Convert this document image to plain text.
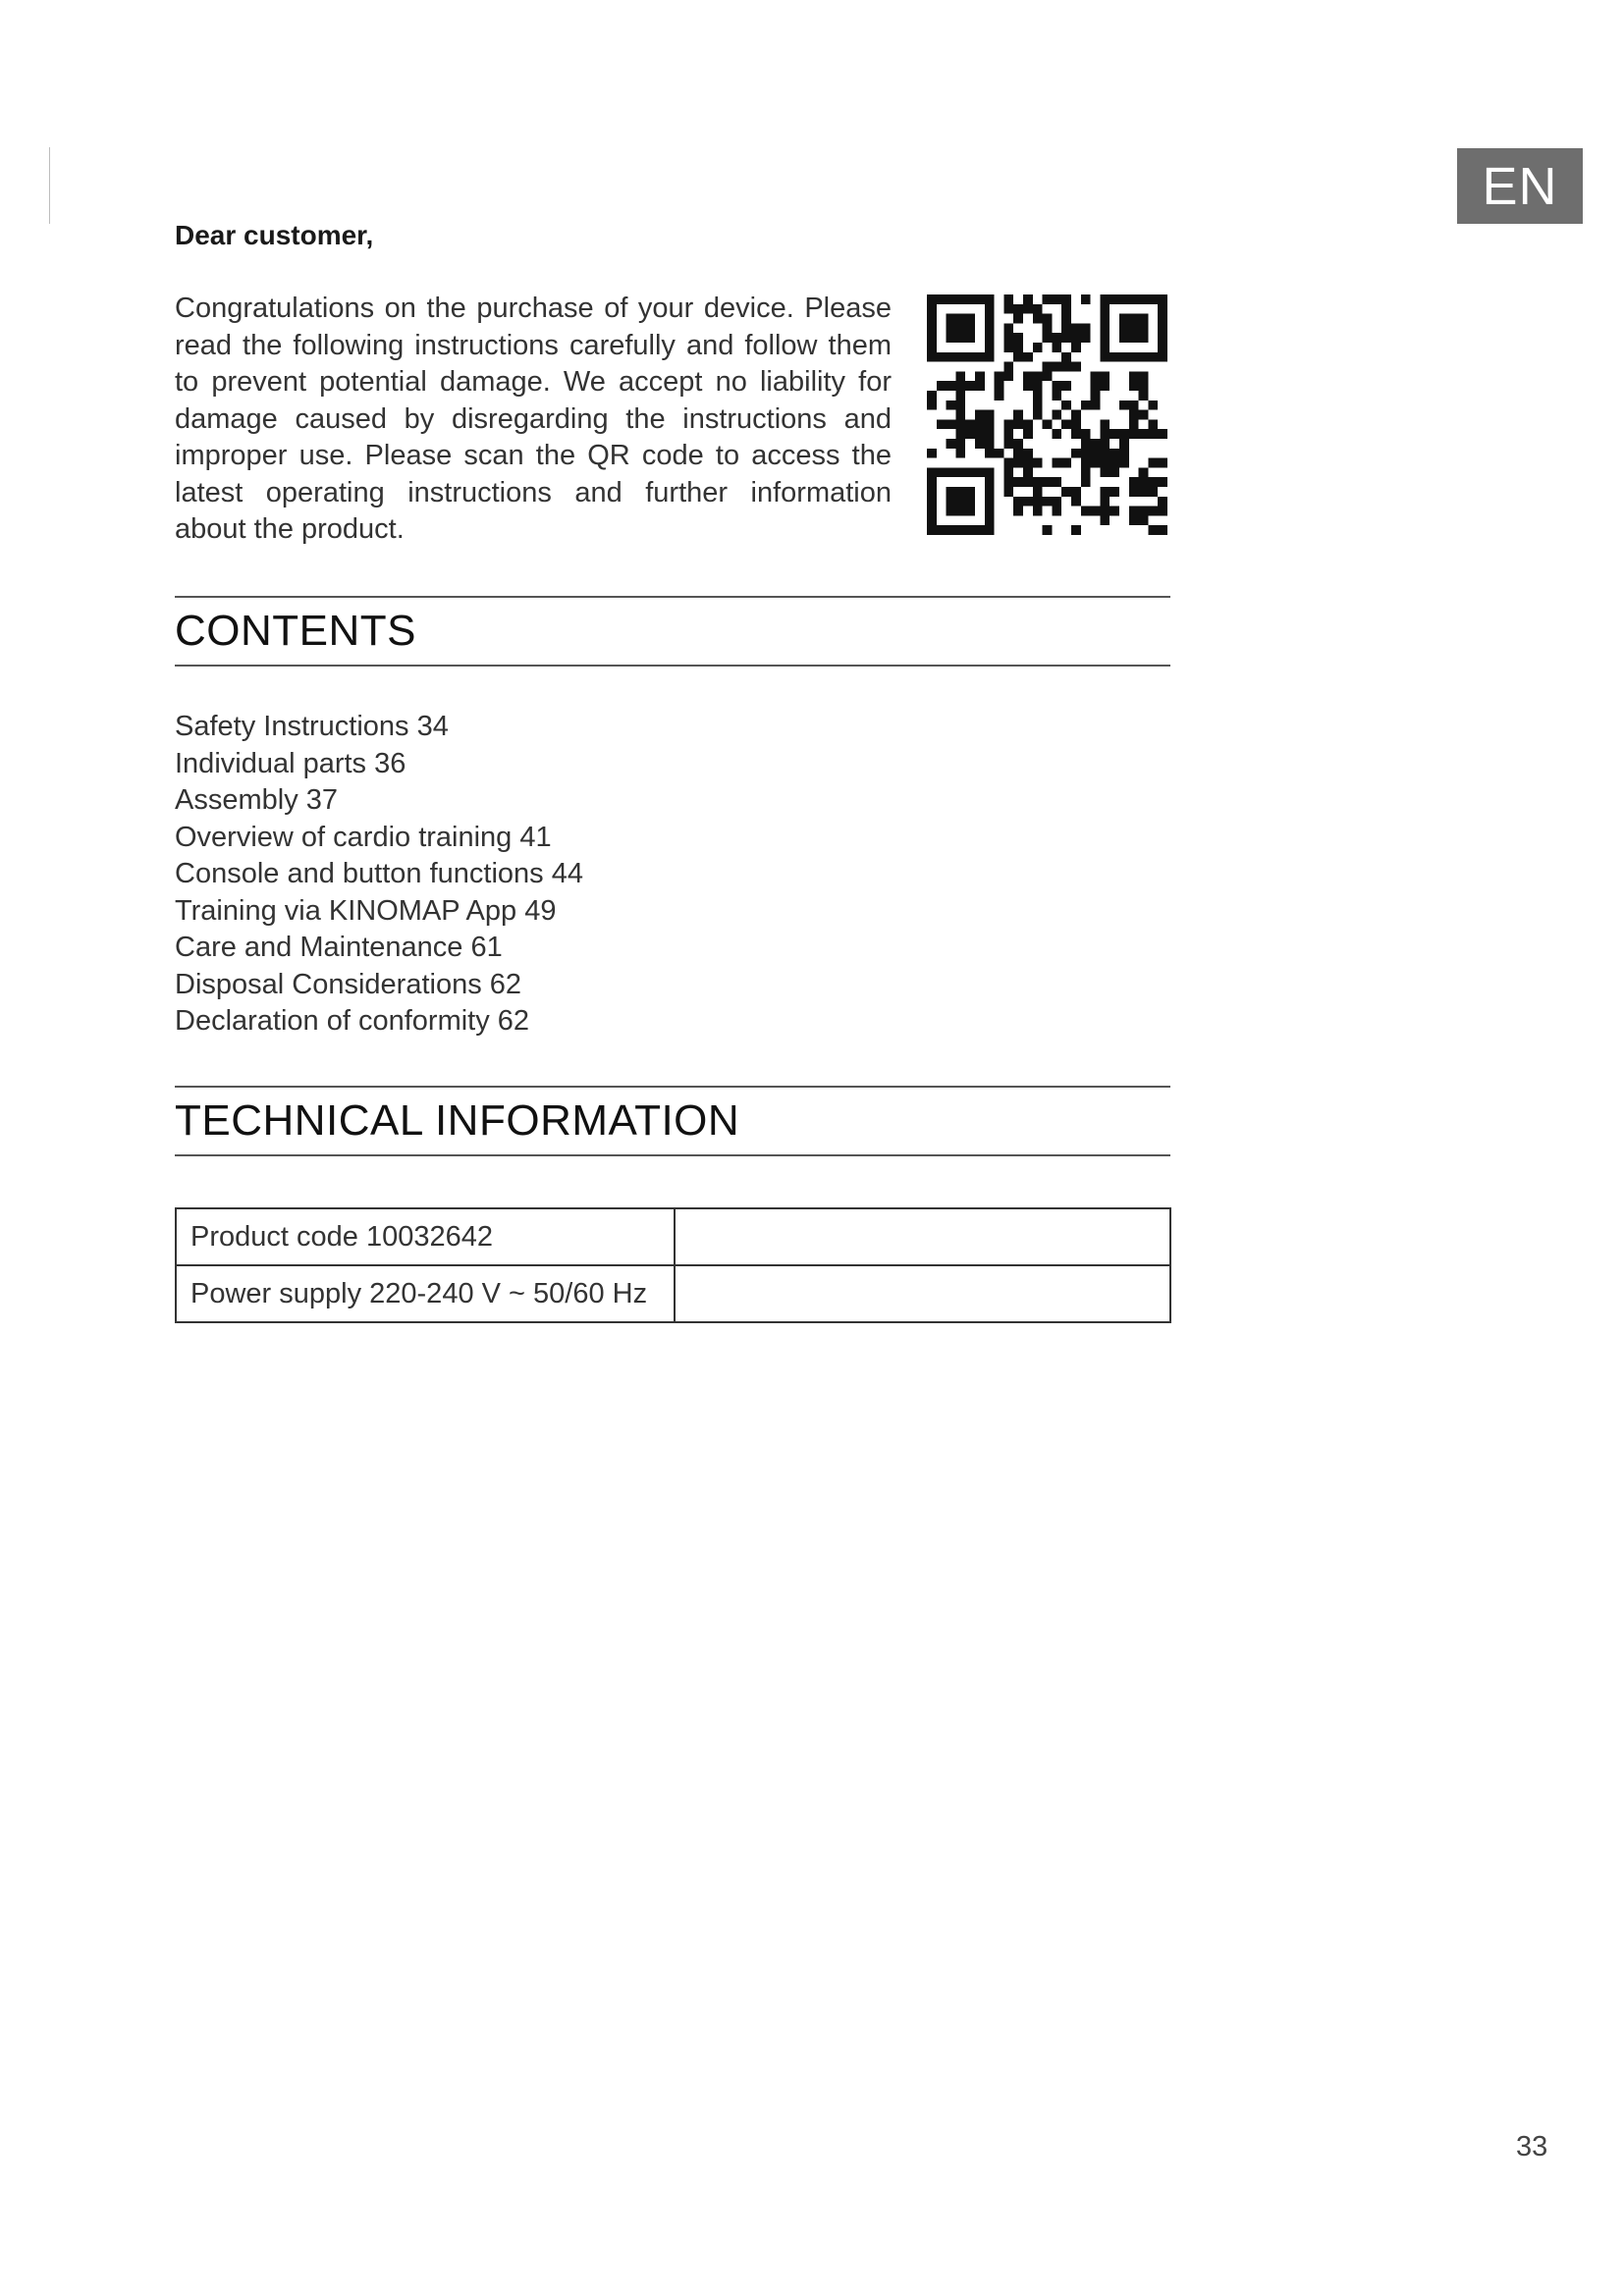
EN
Dear customer,
Congratulations on the purchase of your device. Please read the following instructions carefully and follow them to prevent potential damage. We accept no liability for damage caused by disregarding the instructions and improper use. Please scan the QR code to access the latest operating instructions and further information about the product.
CONTENTS
Safety Instructions 34
Individual parts 36
Assembly 37
Overview of cardio training 41
Console and button functions 44
Training via KINOMAP App 49
Care and Maintenance 61
Disposal Considerations 62
Declaration of conformity 62
TECHNICAL INFORMATION
Product code 10032642	
Power supply 220-240 V ~ 50/60 Hz	
33
